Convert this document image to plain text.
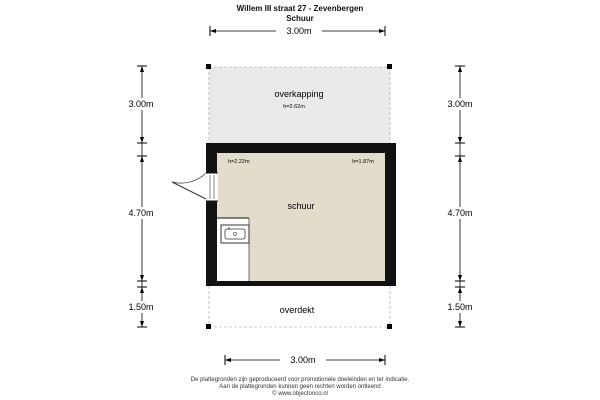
Willem III straat 27 - Zevenbergen
Schuur
3.00m
overkapping
h=2.62m
h=2.22m	h=1.87m
schuur
overdekt
3.00m
3.00m
4.70m
1.50m
3.00m
4.70m
1.50m
De plattegronden zijn geproduceerd voor promotionele doeleinden en ter indicatie.
Aan de plattegronden kunnen geen rechten worden ontleend
© www.objectonco.nl
